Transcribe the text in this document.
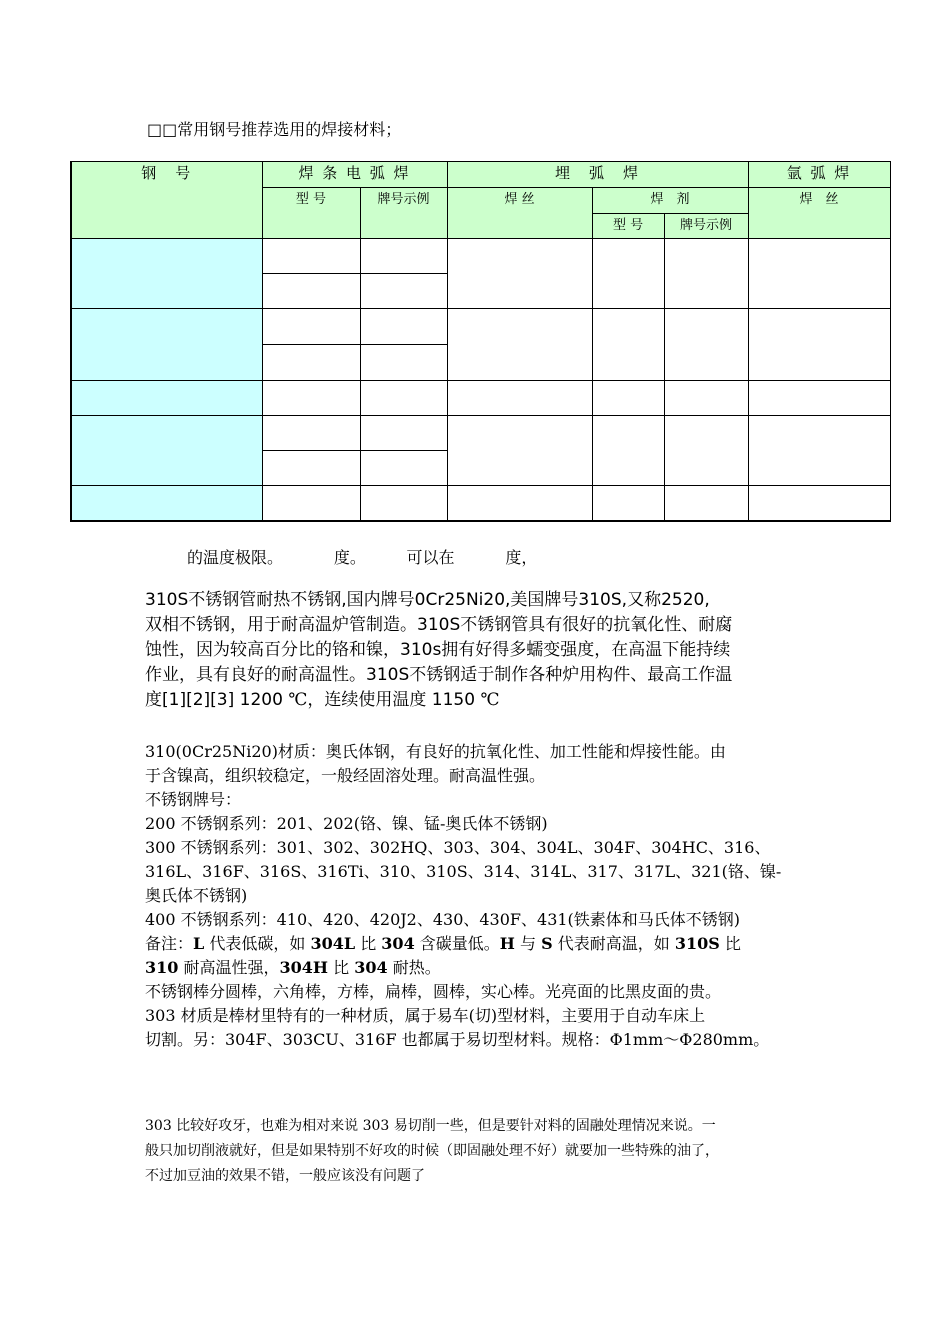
□□常用钢号推荐选用的焊接材料；
钢　号	焊 条 电 弧 焊		埋　弧　焊			氩 弧 焊
	型 号	牌号示例	焊 丝	焊　剂		焊　丝
				型 号	牌号示例	

的温度极限。          度。        可以在          度，
310S不锈钢管耐热不锈钢,国内牌号0Cr25Ni20,美国牌号310S,又称2520,
双相不锈钢，用于耐高温炉管制造。310S不锈钢管具有很好的抗氧化性、耐腐
蚀性，因为较高百分比的铬和镍，310s拥有好得多蠕变强度，在高温下能持续
作业，具有良好的耐高温性。310S不锈钢适于制作各种炉用构件、最高工作温
度[1][2][3] 1200 ℃，连续使用温度 1150 ℃

310(0Cr25Ni20)材质：奥氏体钢，有良好的抗氧化性、加工性能和焊接性能。由

于含镍高，组织较稳定，一般经固溶处理。耐高温性强。

不锈钢牌号：

200 不锈钢系列：201、202(铬、镍、锰-奥氏体不锈钢)

300 不锈钢系列：301、302、302HQ、303、304、304L、304F、304HC、316、

316L、316F、316S、316Ti、310、310S、314、314L、317、317L、321(铬、镍-

奥氏体不锈钢)

400 不锈钢系列：410、420、420J2、430、430F、431(铁素体和马氏体不锈钢)

备注：L 代表低碳，如 304L 比 304 含碳量低。H 与 S 代表耐高温，如 310S 比

310 耐高温性强，304H 比 304 耐热。

不锈钢棒分圆棒，六角棒，方棒，扁棒，圆棒，实心棒。光亮面的比黑皮面的贵。

303 材质是棒材里特有的一种材质，属于易车(切)型材料，主要用于自动车床上

切割。另：304F、303CU、316F 也都属于易切型材料。规格：Φ1mm～Φ280mm。

303 比较好攻牙，也难为相对来说 303 易切削一些，但是要针对料的固融处理情况来说。一
般只加切削液就好，但是如果特别不好攻的时候（即固融处理不好）就要加一些特殊的油了，
不过加豆油的效果不错，一般应该没有问题了
